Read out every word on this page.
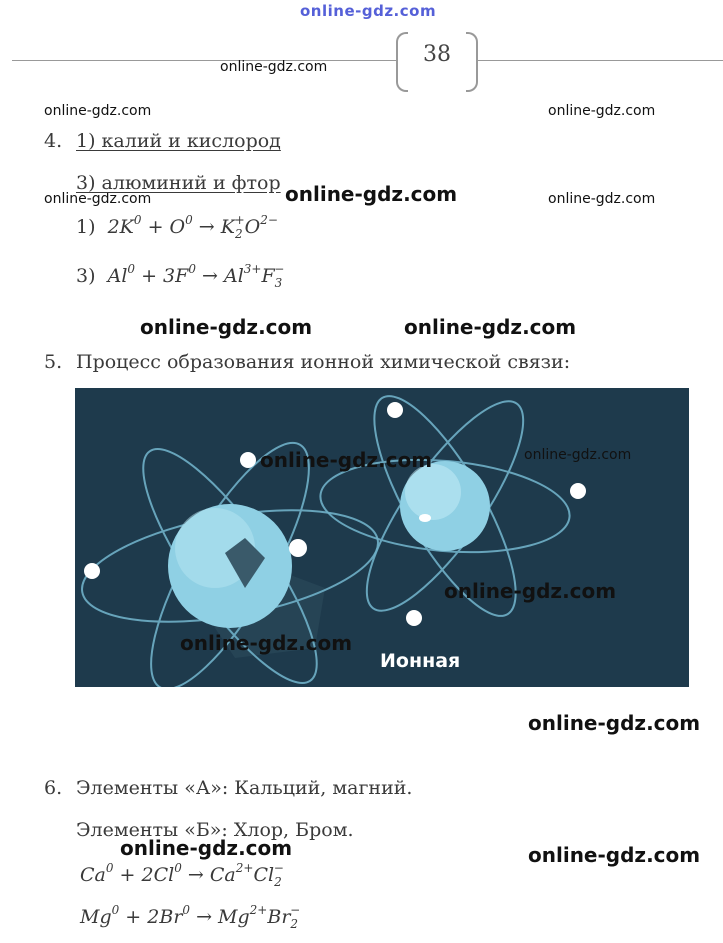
online-gdz.com
38
online-gdz.com
online-gdz.com	online-gdz.com
online-gdz.com	online-gdz.com
online-gdz.com
online-gdz.com	online-gdz.com
4. 1) калий и кислород
3) алюминий и фтор
1)  $2K^0 + O^0 \to K_2^+O^{2-}$
3)  $Al^0 + 3F^0 \to Al^{3+}F_3^-$
5. Процесс образования ионной химической связи:
Ионная
online-gdz.com	online-gdz.com
online-gdz.com
online-gdz.com
online-gdz.com
6. Элементы «А»: Кальций, магний.
Элементы «Б»: Хлор, Бром.
$Ca^0 + 2Cl^0 \to Ca^{2+}Cl_2^-$
$Mg^0 + 2Br^0 \to Mg^{2+}Br_2^-$
online-gdz.com	online-gdz.com
